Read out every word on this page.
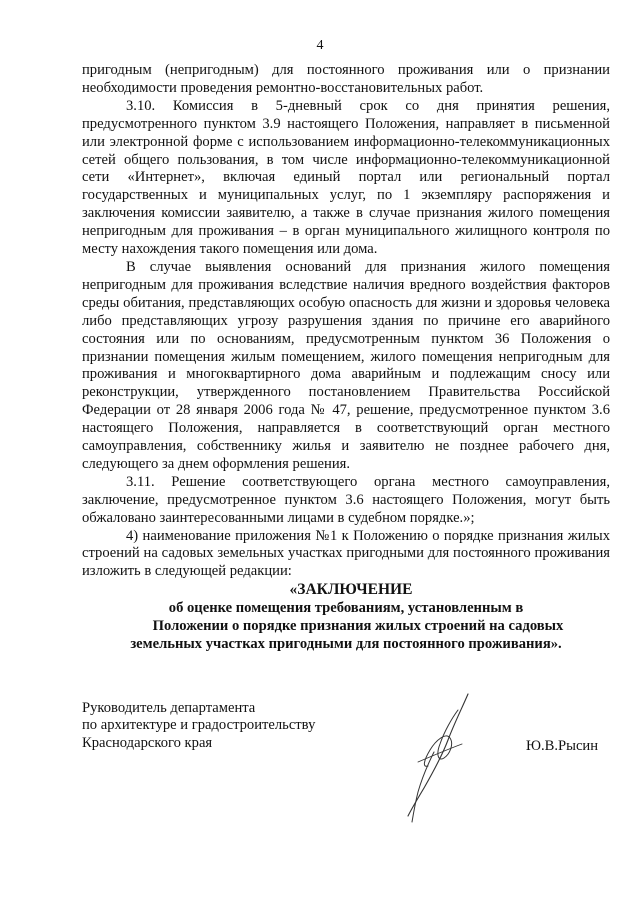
4

пригодным (непригодным) для постоянного проживания или о признании необходимости проведения ремонтно-восстановительных работ.

3.10. Комиссия в 5-дневный срок со дня принятия решения, предусмотренного пунктом 3.9 настоящего Положения, направляет в письменной или электронной форме с использованием информационно-телекоммуникационных сетей общего пользования, в том числе информационно-телекоммуникационной сети «Интернет», включая единый портал или региональный портал государственных и муниципальных услуг, по 1 экземпляру распоряжения и заключения комиссии заявителю, а также в случае признания жилого помещения непригодным для проживания – в орган муниципального жилищного контроля по месту нахождения такого помещения или дома.

В случае выявления оснований для признания жилого помещения непригодным для проживания вследствие наличия вредного воздействия факторов среды обитания, представляющих особую опасность для жизни и здоровья человека либо представляющих угрозу разрушения здания по причине его аварийного состояния или по основаниям, предусмотренным пунктом 36 Положения о признании помещения жилым помещением, жилого помещения непригодным для проживания и многоквартирного дома аварийным и подлежащим сносу или реконструкции, утвержденного постановлением Правительства Российской Федерации от 28 января 2006 года № 47, решение, предусмотренное пунктом 3.6 настоящего Положения, направляется в соответствующий орган местного самоуправления, собственнику жилья и заявителю не позднее рабочего дня, следующего за днем оформления решения.

3.11. Решение соответствующего органа местного самоуправления, заключение, предусмотренное пунктом 3.6 настоящего Положения, могут быть обжаловано заинтересованными лицами в судебном порядке.»;

4) наименование приложения №1 к Положению о порядке признания жилых строений на садовых земельных участках пригодными для постоянного проживания изложить в следующей редакции:

«ЗАКЛЮЧЕНИЕ
об оценке помещения требованиям, установленным в
Положении о порядке признания жилых строений на садовых
земельных участках пригодными для постоянного проживания».
Руководитель департамента
по архитектуре и градостроительству
Краснодарского края	Ю.В.Рысин
